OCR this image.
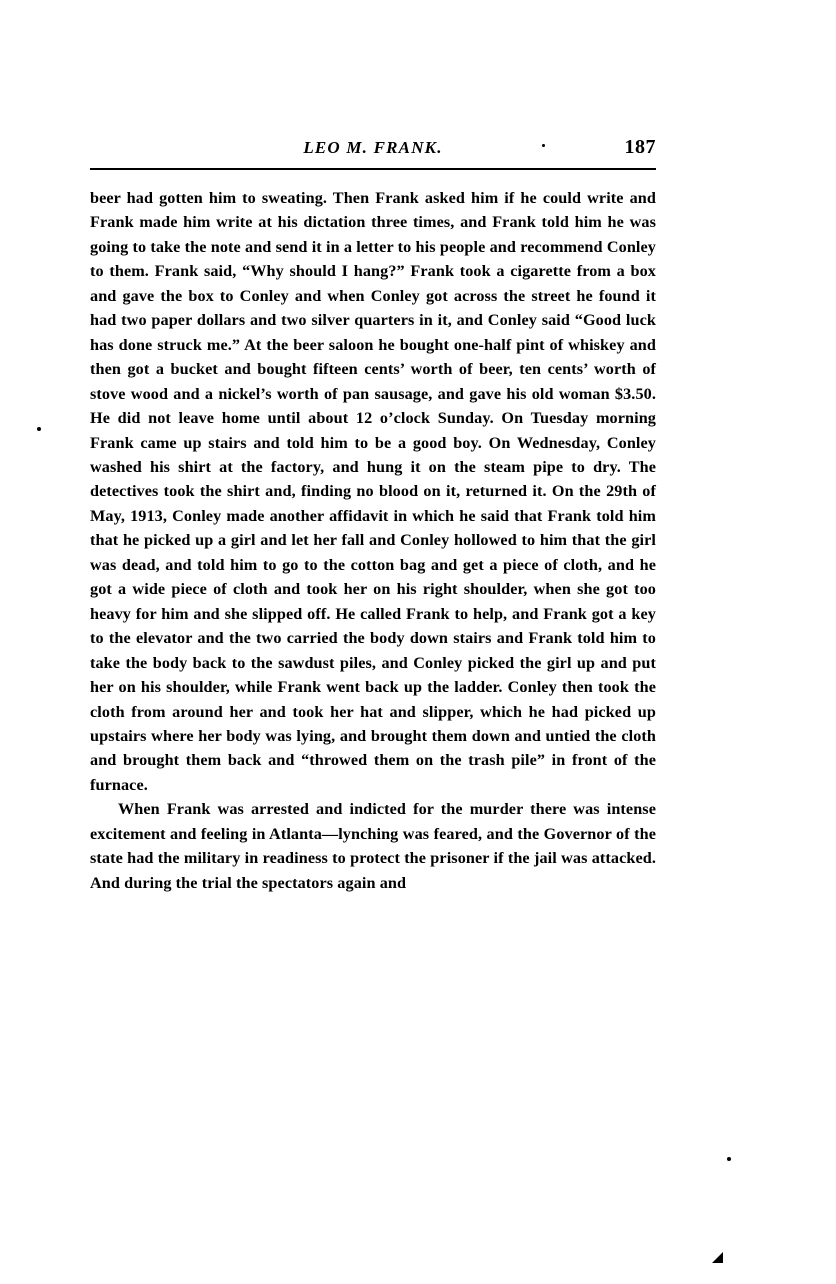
LEO M. FRANK.	187

beer had gotten him to sweating. Then Frank asked him if he could write and Frank made him write at his dictation three times, and Frank told him he was going to take the note and send it in a letter to his people and recommend Conley to them. Frank said, “Why should I hang?” Frank took a cigarette from a box and gave the box to Conley and when Conley got across the street he found it had two paper dollars and two silver quarters in it, and Conley said “Good luck has done struck me.” At the beer saloon he bought one-half pint of whiskey and then got a bucket and bought fifteen cents’ worth of beer, ten cents’ worth of stove wood and a nickel’s worth of pan sausage, and gave his old woman $3.50. He did not leave home until about 12 o’clock Sunday. On Tuesday morning Frank came up stairs and told him to be a good boy. On Wednesday, Conley washed his shirt at the factory, and hung it on the steam pipe to dry. The detectives took the shirt and, finding no blood on it, returned it. On the 29th of May, 1913, Conley made another affidavit in which he said that Frank told him that he picked up a girl and let her fall and Conley hollowed to him that the girl was dead, and told him to go to the cotton bag and get a piece of cloth, and he got a wide piece of cloth and took her on his right shoulder, when she got too heavy for him and she slipped off. He called Frank to help, and Frank got a key to the elevator and the two carried the body down stairs and Frank told him to take the body back to the sawdust piles, and Conley picked the girl up and put her on his shoulder, while Frank went back up the ladder. Conley then took the cloth from around her and took her hat and slipper, which he had picked up upstairs where her body was lying, and brought them down and untied the cloth and brought them back and “throwed them on the trash pile” in front of the furnace.

When Frank was arrested and indicted for the murder there was intense excitement and feeling in Atlanta—lynching was feared, and the Governor of the state had the military in readiness to protect the prisoner if the jail was attacked. And during the trial the spectators again and
